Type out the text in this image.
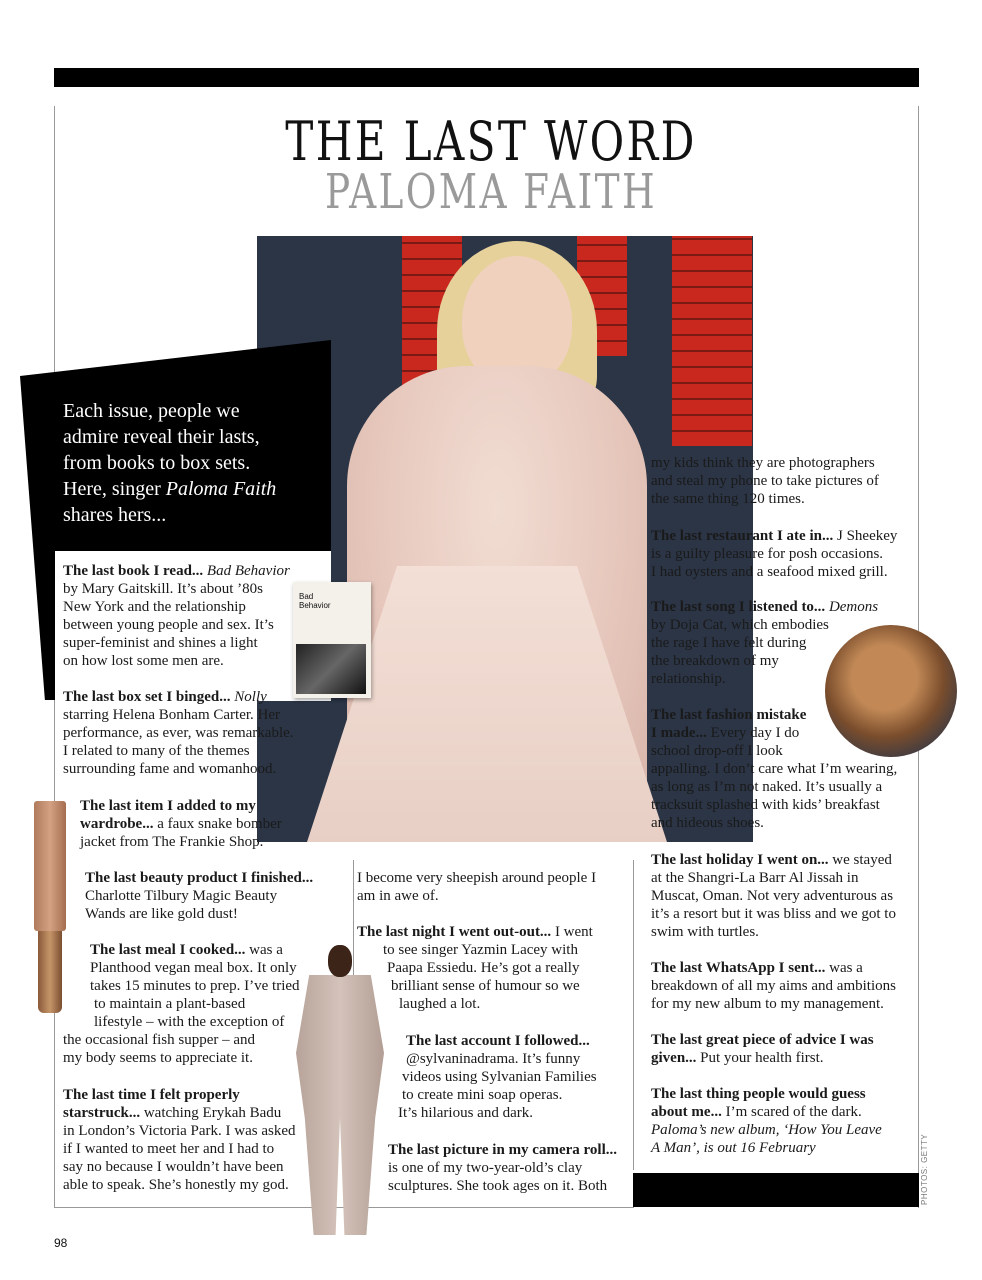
THE LAST WORD
PALOMA FAITH
Each issue, people we
admire reveal their lasts,
from books to box sets.
Here, singer Paloma Faith
shares hers...
Bad
Behavior
The last book I read... Bad Behavior
by Mary Gaitskill. It’s about ’80s
New York and the relationship
between young people and sex. It’s
super-feminist and shines a light
on how lost some men are.
The last box set I binged... Nolly
starring Helena Bonham Carter. Her
performance, as ever, was remarkable.
I related to many of the themes
surrounding fame and womanhood.
The last item I added to my
wardrobe... a faux snake bomber
jacket from The Frankie Shop.
The last beauty product I finished...
Charlotte Tilbury Magic Beauty
Wands are like gold dust!
The last meal I cooked... was a
Planthood vegan meal box. It only
takes 15 minutes to prep. I’ve tried
to maintain a plant-based
lifestyle – with the exception of
the occasional fish supper – and
my body seems to appreciate it.
The last time I felt properly
starstruck... watching Erykah Badu
in London’s Victoria Park. I was asked
if I wanted to meet her and I had to
say no because I wouldn’t have been
able to speak. She’s honestly my god.
I become very sheepish around people I
am in awe of.
The last night I went out-out... I went
to see singer Yazmin Lacey with
Paapa Essiedu. He’s got a really
brilliant sense of humour so we
laughed a lot.
The last account I followed...
@sylvaninadrama. It’s funny
videos using Sylvanian Families
to create mini soap operas.
It’s hilarious and dark.
The last picture in my camera roll...
is one of my two-year-old’s clay
sculptures. She took ages on it. Both
my kids think they are photographers
and steal my phone to take pictures of
the same thing 120 times.
The last restaurant I ate in... J Sheekey
is a guilty pleasure for posh occasions.
I had oysters and a seafood mixed grill.
The last song I listened to... Demons
by Doja Cat, which embodies
the rage I have felt during
the breakdown of my
relationship.
The last fashion mistake
I made... Every day I do
school drop-off I look
appalling. I don’t care what I’m wearing,
as long as I’m not naked. It’s usually a
tracksuit splashed with kids’ breakfast
and hideous shoes.
The last holiday I went on... we stayed
at the Shangri-La Barr Al Jissah in
Muscat, Oman. Not very adventurous as
it’s a resort but it was bliss and we got to
swim with turtles.
The last WhatsApp I sent... was a
breakdown of all my aims and ambitions
for my new album to my management.
The last great piece of advice I was
given... Put your health first.
The last thing people would guess
about me... I’m scared of the dark.
Paloma’s new album, ‘How You Leave
A Man’, is out 16 February	PHOTOS: GETTY
98
